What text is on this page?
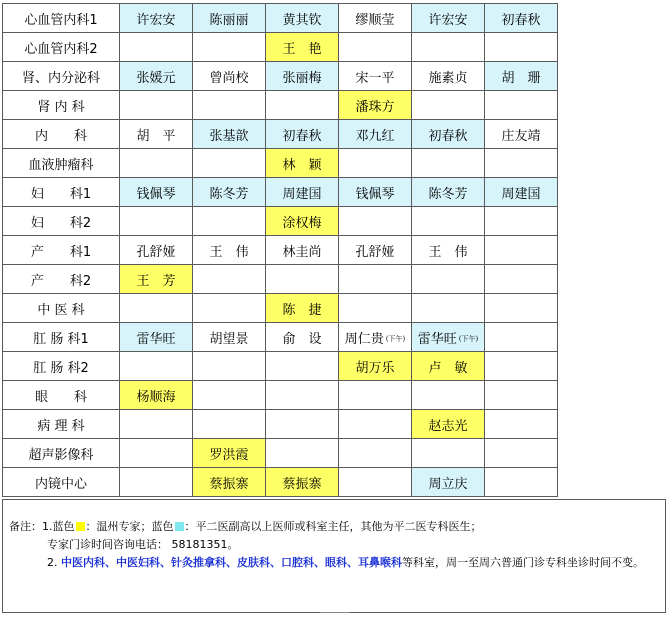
心血管内科1	许宏安	陈丽丽	黄其钦	缪顺莹	许宏安	初春秋
心血管内科2			王　艳			
肾、内分泌科	张媛元	曾尚校	张丽梅	宋一平	施素贞	胡　珊
肾 内 科				潘珠方		
内　　科	胡　平	张基歆	初春秋	邓九红	初春秋	庄友靖
血液肿瘤科			林　颖			
妇　　科1	钱佩琴	陈冬芳	周建国	钱佩琴	陈冬芳	周建国
妇　　科2			涂权梅			
产　　科1	孔舒娅	王　伟	林圭尚	孔舒娅	王　伟	
产　　科2	王　芳					
中 医 科			陈　捷			
肛 肠 科1	雷华旺	胡望景	俞　设	周仁贵 (下午)	雷华旺 (下午)	
肛 肠 科2				胡万乐	卢　敏	
眼　　科	杨顺海					
病 理 科					赵志光	
超声影像科		罗洪霞				
内镜中心		蔡振寨	蔡振寨		周立庆	
备注：1.蓝色 ：温州专家；蓝色 ：平二医副高以上医师或科室主任，其他为平二医专科医生；
专家门诊时间咨询电话： 58181351。
2. 中医内科、中医妇科、针灸推拿科、皮肤科、口腔科、眼科、耳鼻喉科等科室，周一至周六普通门诊专科坐诊时间不变。
